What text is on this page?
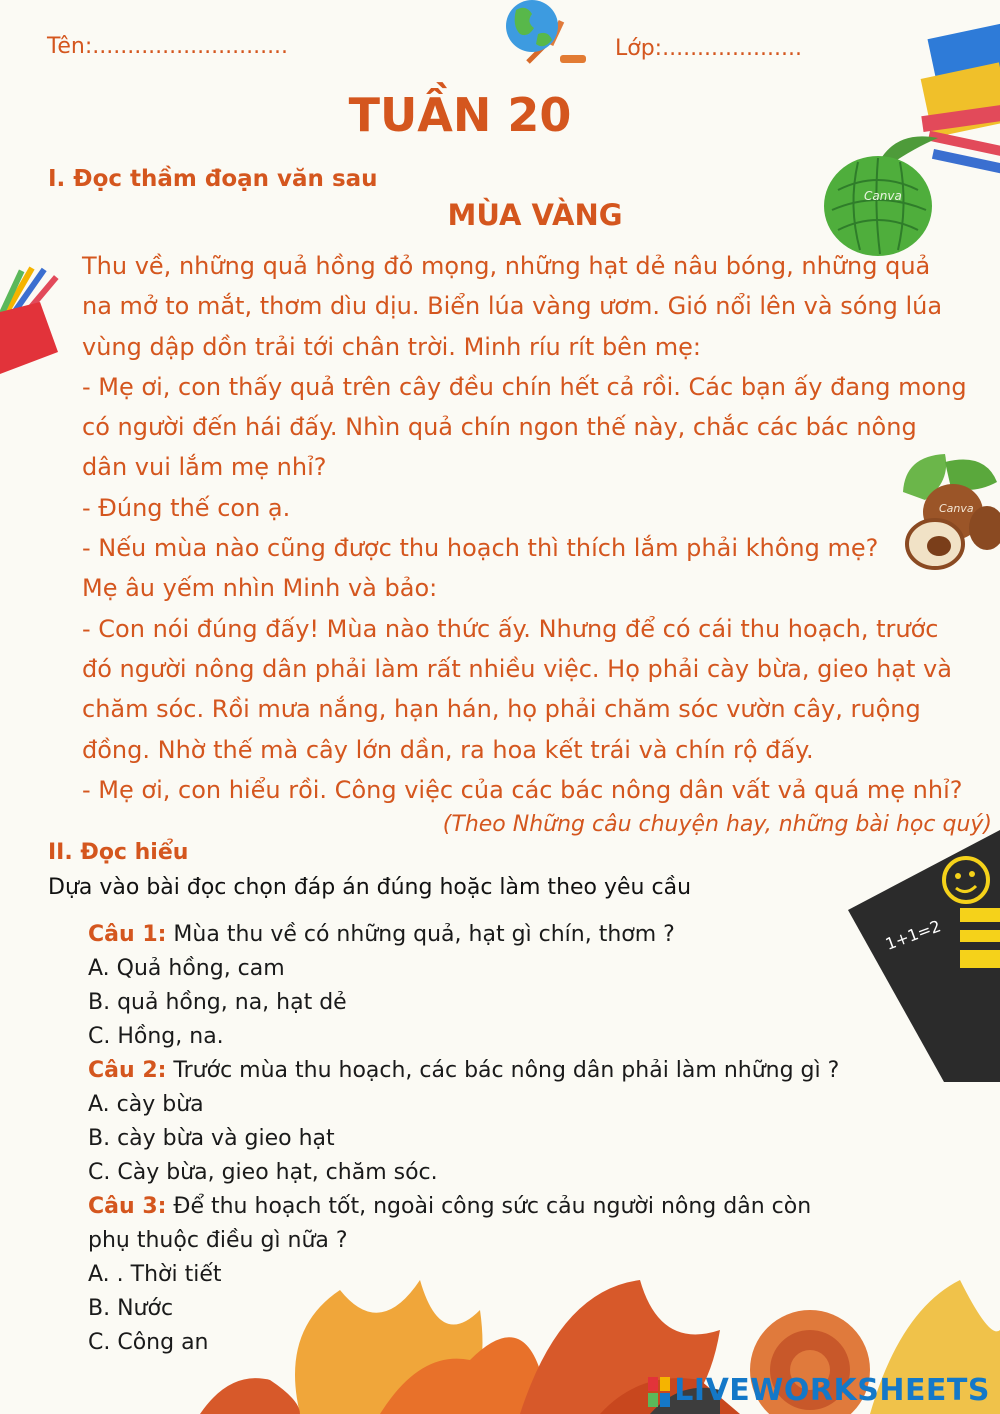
Canva
Canva
1+1=2
Tên:............................	Lớp:....................
TUẦN 20
I. Đọc thầm đoạn văn sau
MÙA VÀNG

Thu về, những quả hồng đỏ mọng, những hạt dẻ nâu bóng, những quả

na mở to mắt, thơm dìu dịu. Biển lúa vàng ươm. Gió nổi lên và sóng lúa

vùng dập dồn trải tới chân trời. Minh ríu rít bên mẹ:

- Mẹ ơi, con thấy quả trên cây đều chín hết cả rồi. Các bạn ấy đang mong

có người đến hái đấy. Nhìn quả chín ngon thế này, chắc các bác nông

dân vui lắm mẹ nhỉ?

- Đúng thế con ạ.

- Nếu mùa nào cũng được thu hoạch thì thích lắm phải không mẹ?

Mẹ âu yếm nhìn Minh và bảo:

- Con nói đúng đấy! Mùa nào thức ấy. Nhưng để có cái thu hoạch, trước

đó người nông dân phải làm rất nhiều việc. Họ phải cày bừa, gieo hạt và

chăm sóc. Rồi mưa nắng, hạn hán, họ phải chăm sóc vườn cây, ruộng

đồng. Nhờ thế mà cây lớn dần, ra hoa kết trái và chín rộ đấy.

- Mẹ ơi, con hiểu rồi. Công việc của các bác nông dân vất vả quá mẹ nhỉ?

(Theo Những câu chuyện hay, những bài học quý)
II. Đọc hiểu
Dựa vào bài đọc chọn đáp án đúng hoặc làm theo yêu cầu

Câu 1: Mùa thu về có những quả, hạt gì chín, thơm ?

A. Quả hồng, cam

B. quả hồng, na, hạt dẻ

C. Hồng, na.

Câu 2: Trước mùa thu hoạch, các bác nông dân phải làm những gì ?

A. cày bừa

B. cày bừa và gieo hạt

C. Cày bừa, gieo hạt, chăm sóc.

Câu 3: Để thu hoạch tốt, ngoài công sức cảu người nông dân còn

phụ thuộc điều gì nữa ?

A. . Thời tiết

B. Nước

C. Công an

LIVEWORKSHEETS
